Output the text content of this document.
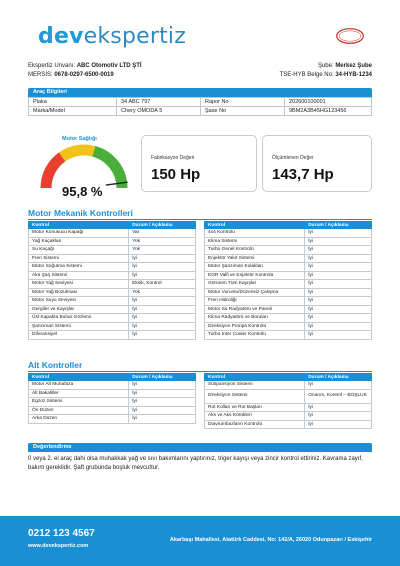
devekspertiz
Ekspertiz Unvanı: ABC Otomotiv LTD ŞTİ
MERSİS: 0678-0297-6500-0019
Şube: Merkez Şube
TSE-HYB Belge No: 34-HYB-1234
Araç Bilgileri
Plaka	34 ABC 797	Rapor No	202600100001
Marka/Model	Chery OMODA 5	Şase No	9BM2A3B45HG123456
Motor Sağlığı
95,8 %
Fabrikasyon Değeri
150 Hp
Ölçümlenen Değer
143,7 Hp
Motor Mekanik Kontrolleri
Kontrol	Durum / Açıklama
Motor Konusucu Kapağı	Var
Yağ Kaçakları	Yok
Su Kaçağı	Yok
Fren Sistemi	İyi
Motor Soğutma Sistemi	İyi
Akü Şarj Sistemi	İyi
Motor Yağ Seviyesi	Eksik, Kontrol
Motor Yağ Bozulması	Yok
Motor Suyu Seviyesi	İyi
Gergiler ve Kayışlar	İyi
Üst Kapakta Buhar Gözlemi	İyi
Şanzıman Sistemi	İyi
Diferansiyel	İyi
Kontrol	Durum / Açıklama
4x4 Kontrolü	İyi
Klima Sistemi	İyi
Turbo Genel Kontrolü	İyi
Enjektör Yakıt Sistemi	İyi
Motor Şanzıman Kulakları	İyi
EGR Valfi ve Enjektör Kontrolü	İyi
Görünen Tüm Kayışlar	İyi
Motor Vuruntu/Düzensiz Çalışma	İyi
Fren Hidroliği	İyi
Motor Su Radyatörü ve Paneli	İyi
Klima Radyatörü ve Boruları	İyi
Direksiyon Pompa Kontrolü	İyi
Turbo Inter Cooler Kontrolü	İyi
Alt Kontroller
Kontrol	Durum / Açıklama
Motor Alt Muhafaza	İyi
Alt Bakalitler	İyi
Egzoz Sistemi	İyi
Ön Düzen	İyi
Arka Düzen	İyi
Kontrol	Durum / Açıklama
Süspansiyon Sistemi	İyi
Direksiyon Sistemi	Onarım, Kontrol – BOŞLUK
Rot Kolları ve Rot Başları	İyi
Aks ve Aks Körükleri	İyi
Diavrumbazların Kontrolü	İyi
Değerlendirme
0 veya 2. el araç dahi olsa muhakkak yağ ve sıvı bakımlarını yaptırınız, triger kayışı veya zincir kontrol ettiriniz. Kavrama zayıf, bakım gereklidir. Şaft grubunda boşluk mevcuttur.
0212 123 4567
www.devekspertiz.com
Akarbaşı Mahallesi, Atatürk Caddesi, No: 142/A, 26020 Odunpazarı / Eskişehir
